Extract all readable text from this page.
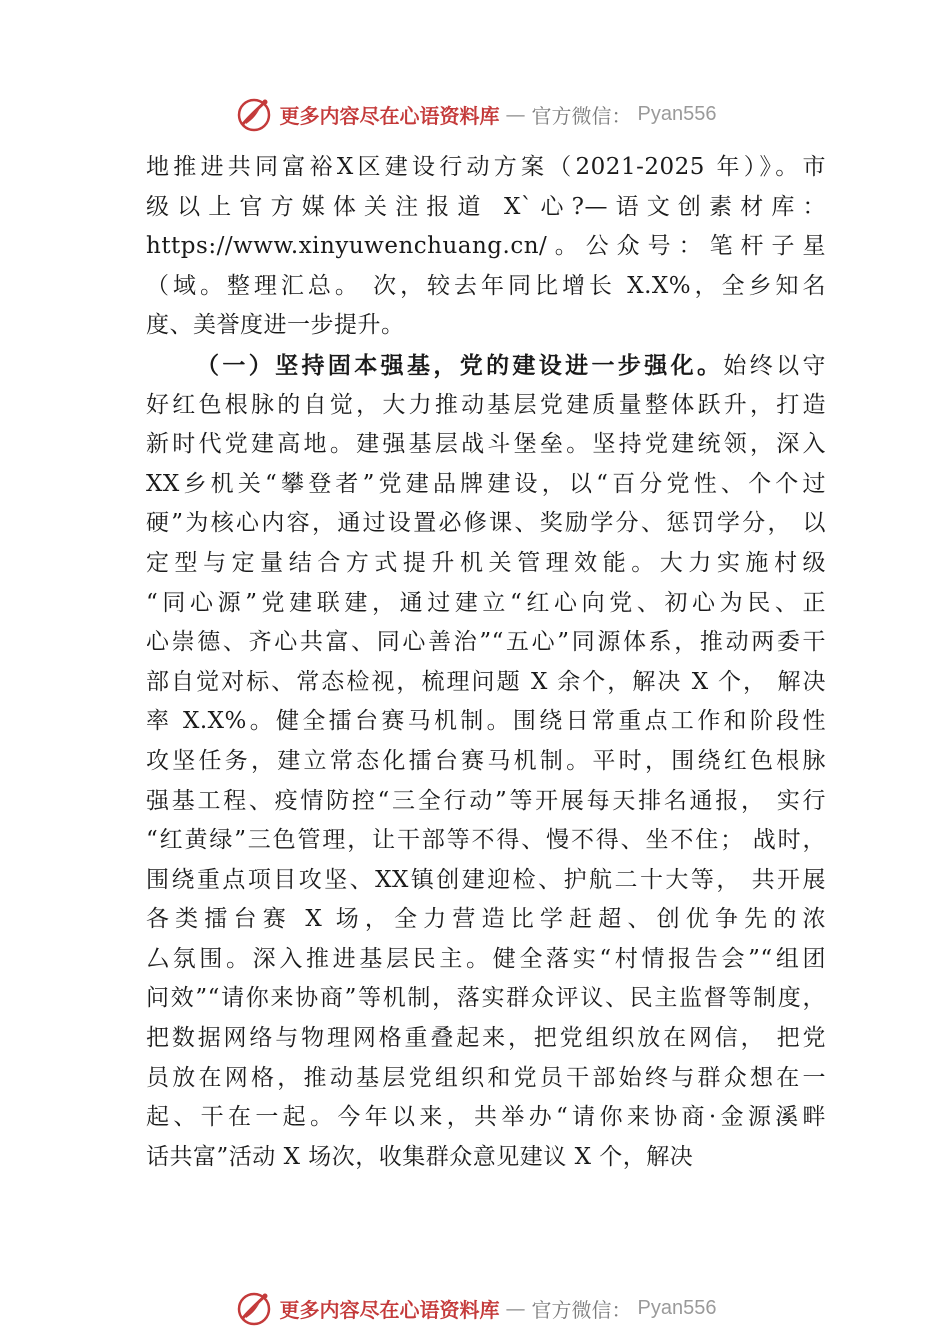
更多内容尽在心语资料库 — 官方微信： Pyan556
地推进共同富裕X区建设行动方案（2021-2025 年）》。市
级以上官方媒体关注报道 X`心?—语文创素材库：
https://www.xinyuwenchuang.cn/。公众号：笔杆子星
（域。整理汇总。 次，较去年同比增长 X.X%，全乡知名
度、美誉度进一步提升。
（一）坚持固本强基，党的建设进一步强化。始终以守
好红色根脉的自觉，大力推动基层党建质量整体跃升，打造
新时代党建高地。建强基层战斗堡垒。坚持党建统领，深入
XX乡机关“攀登者”党建品牌建设，以“百分党性、个个过
硬”为核心内容，通过设置必修课、奖励学分、惩罚学分， 以
定型与定量结合方式提升机关管理效能。大力实施村级
“同心源”党建联建，通过建立“红心向党、初心为民、正
心崇德、齐心共富、同心善治”“五心”同源体系，推动两委干
部自觉对标、常态检视，梳理问题 X 余个，解决 X 个， 解决
率 X.X%。健全擂台赛马机制。围绕日常重点工作和阶段性
攻坚任务，建立常态化擂台赛马机制。平时，围绕红色根脉
强基工程、疫情防控“三全行动”等开展每天排名通报， 实行
“红黄绿”三色管理，让干部等不得、慢不得、坐不住； 战时，
围绕重点项目攻坚、XX镇创建迎检、护航二十大等， 共开展
各类擂台赛 X 场，全力营造比学赶超、创优争先的浓
厶氛围。深入推进基层民主。健全落实“村情报告会”“组团
问效”“请你来协商”等机制，落实群众评议、民主监督等制度，
把数据网络与物理网格重叠起来，把党组织放在网信， 把党
员放在网格，推动基层党组织和党员干部始终与群众想在一
起、干在一起。今年以来，共举办“请你来协商·金源溪畔
话共富”活动 X 场次，收集群众意见建议 X 个，解决
更多内容尽在心语资料库 — 官方微信： Pyan556
